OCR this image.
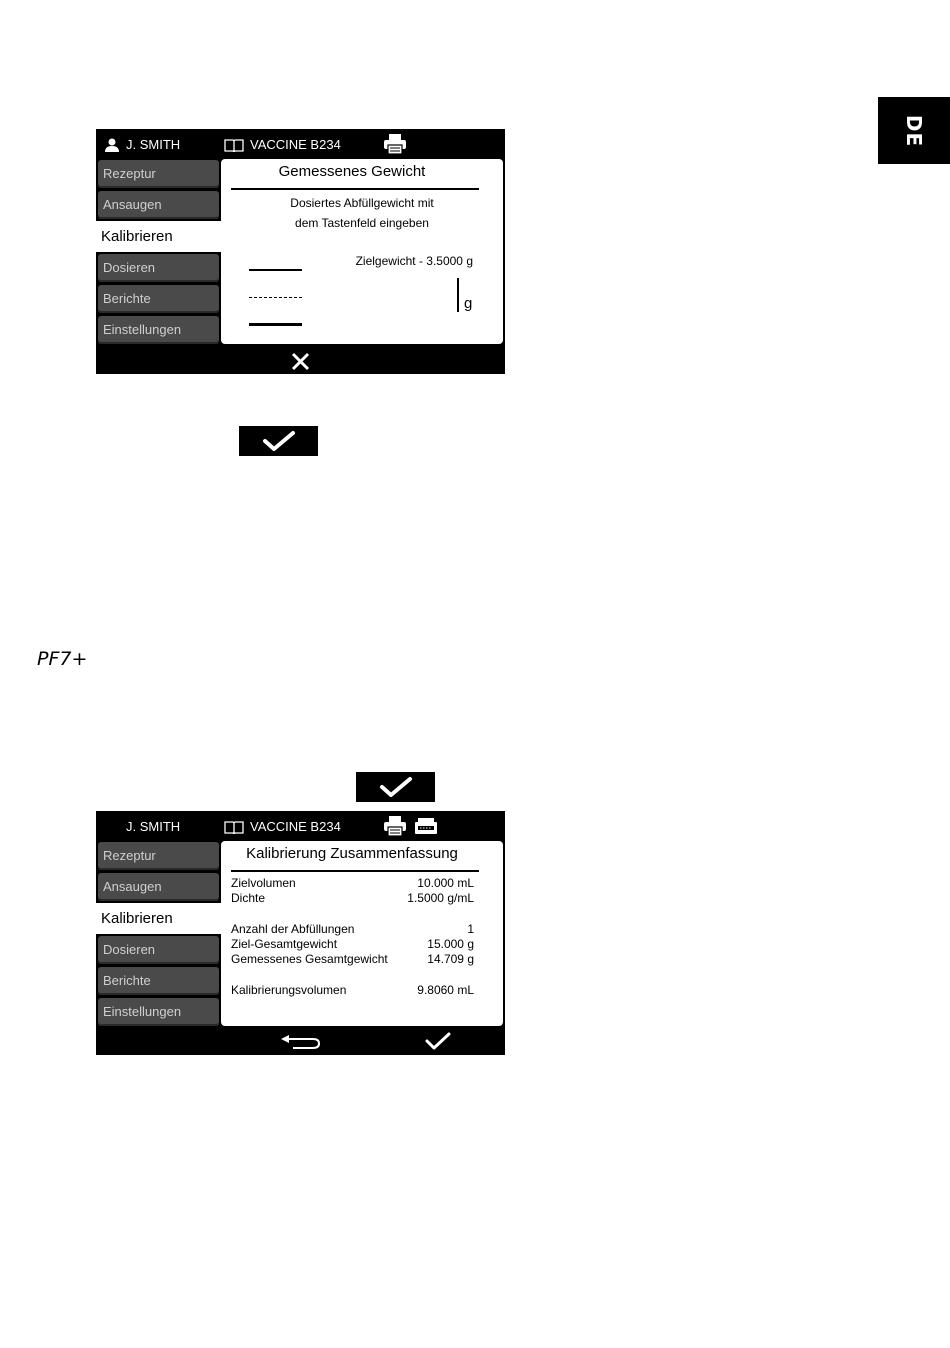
DE
J. SMITH	VACCINE B234
Rezeptur
Ansaugen
Kalibrieren
Dosieren
Berichte
Einstellungen
Gemessenes Gewicht
Dosiertes Abfüllgewicht mit
dem Tastenfeld eingeben
Zielgewicht - 3.5000 g
g
PF7+
J. SMITH	VACCINE B234
Rezeptur
Ansaugen
Kalibrieren
Dosieren
Berichte
Einstellungen
Kalibrierung Zusammenfassung
Zielvolumen	10.000 mL
Dichte	1.5000 g/mL
Anzahl der Abfüllungen	1
Ziel-Gesamtgewicht	15.000 g
Gemessenes Gesamtgewicht	14.709 g
Kalibrierungsvolumen	9.8060 mL
